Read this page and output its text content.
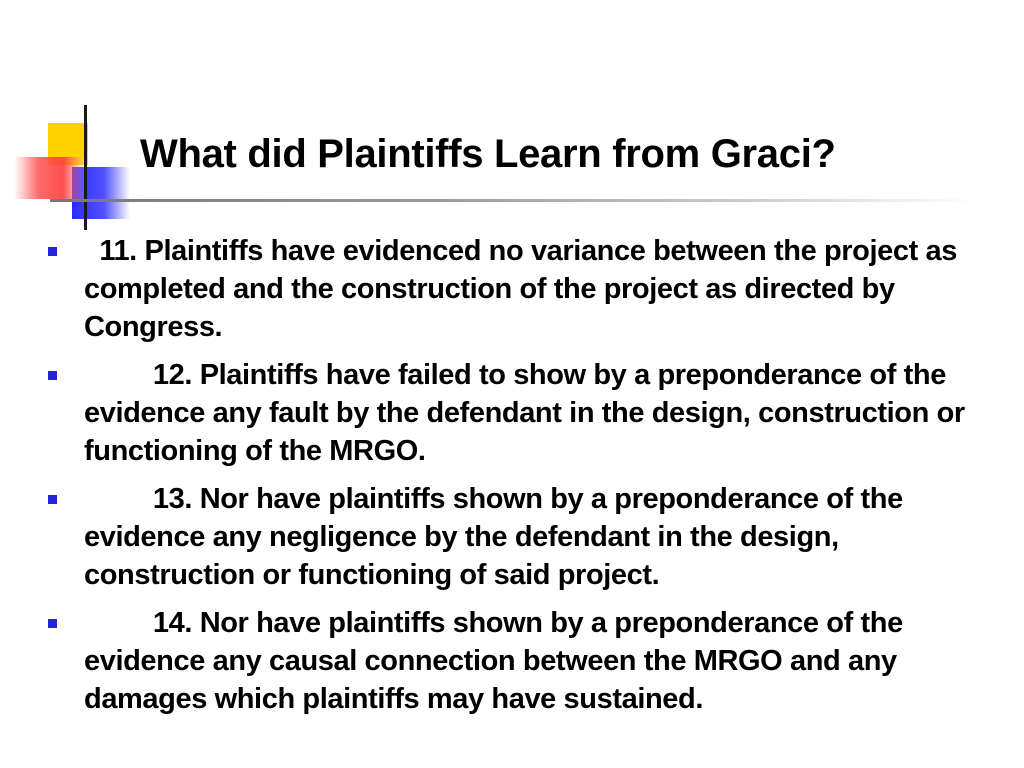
What did Plaintiffs Learn from Graci?
11. Plaintiffs have evidenced no variance between the project as completed and the construction of the project as directed by Congress.
12. Plaintiffs have failed to show by a preponderance of the evidence any fault by the defendant in the design, construction or functioning of the MRGO.
13. Nor have plaintiffs shown by a preponderance of the evidence any negligence by the defendant in the design, construction or functioning of said project.
14. Nor have plaintiffs shown by a preponderance of the evidence any causal connection between the MRGO and any damages which plaintiffs may have sustained.
